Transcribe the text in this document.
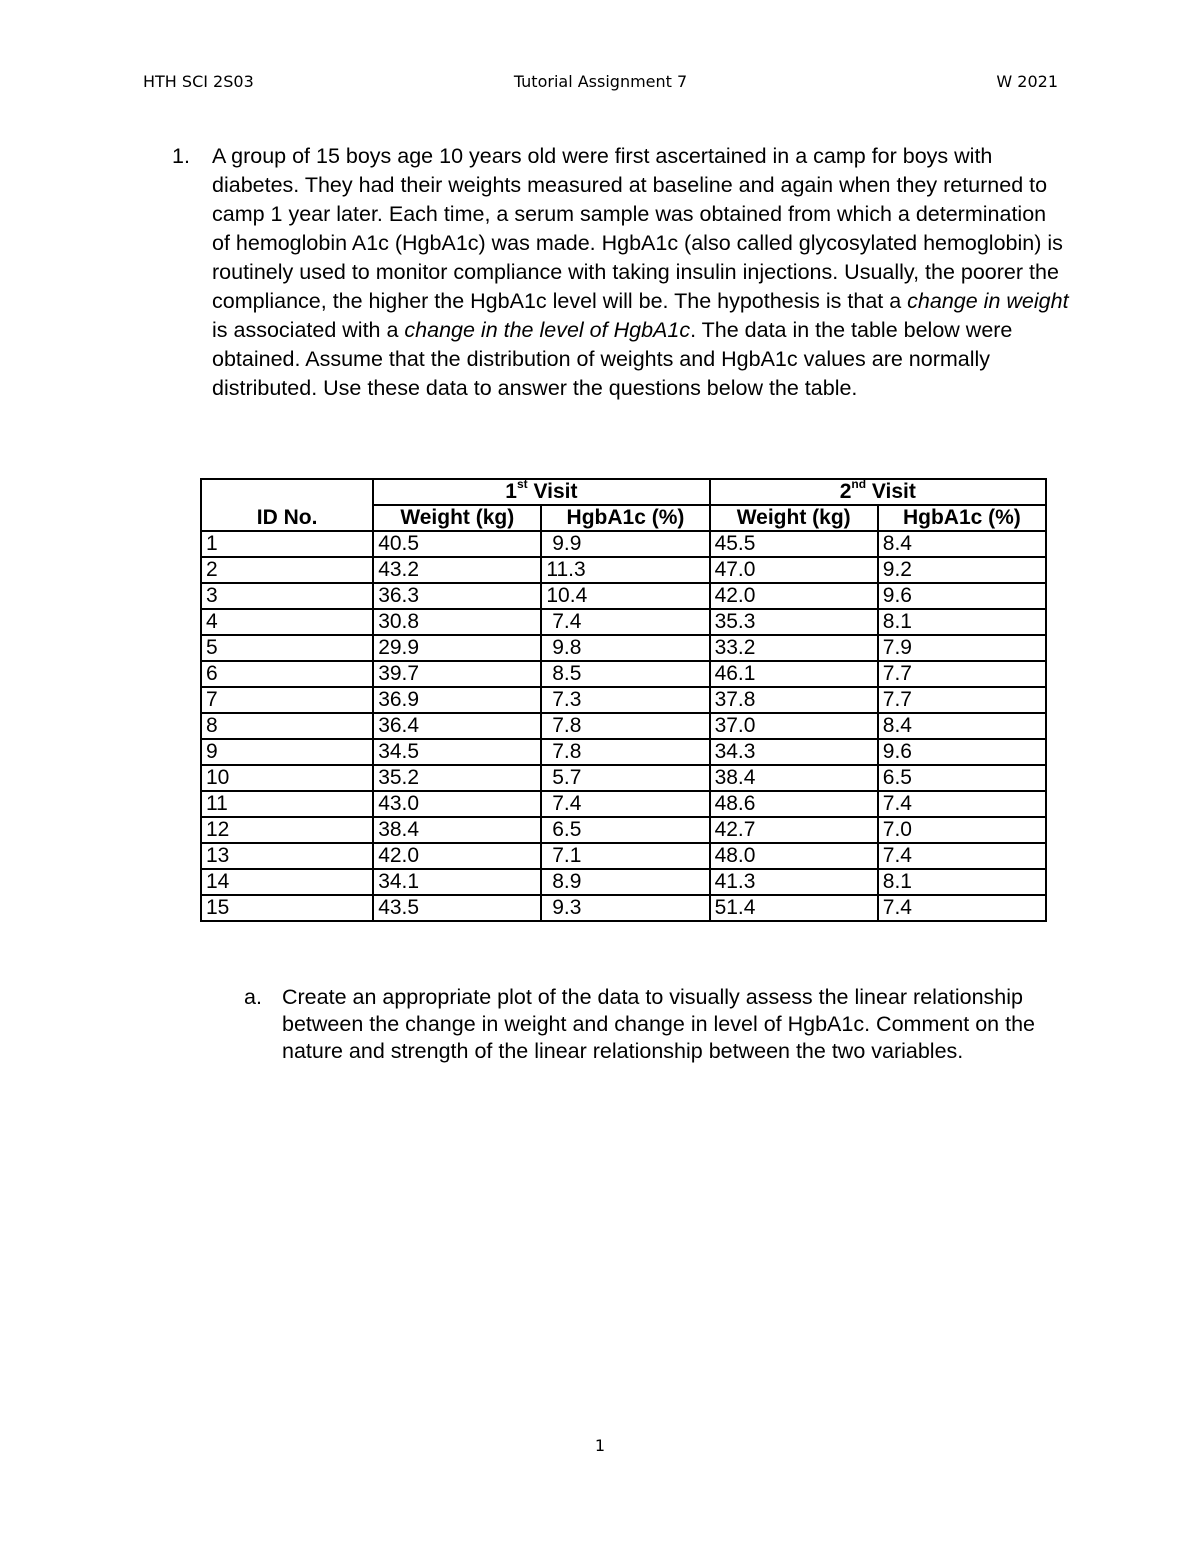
HTH SCI 2S03	Tutorial Assignment 7	W 2021
1. A group of 15 boys age 10 years old were first ascertained in a camp for boys with diabetes. They had their weights measured at baseline and again when they returned to camp 1 year later. Each time, a serum sample was obtained from which a determination of hemoglobin A1c (HgbA1c) was made. HgbA1c (also called glycosylated hemoglobin) is routinely used to monitor compliance with taking insulin injections. Usually, the poorer the compliance, the higher the HgbA1c level will be. The hypothesis is that a change in weight is associated with a change in the level of HgbA1c. The data in the table below were obtained. Assume that the distribution of weights and HgbA1c values are normally distributed. Use these data to answer the questions below the table.
ID No.	1st Visit		2nd Visit	
	Weight (kg)	HgbA1c (%)	Weight (kg)	HgbA1c (%)
1	40.5	9.9	45.5	8.4
2	43.2	11.3	47.0	9.2
3	36.3	10.4	42.0	9.6
4	30.8	7.4	35.3	8.1
5	29.9	9.8	33.2	7.9
6	39.7	8.5	46.1	7.7
7	36.9	7.3	37.8	7.7
8	36.4	7.8	37.0	8.4
9	34.5	7.8	34.3	9.6
10	35.2	5.7	38.4	6.5
11	43.0	7.4	48.6	7.4
12	38.4	6.5	42.7	7.0
13	42.0	7.1	48.0	7.4
14	34.1	8.9	41.3	8.1
15	43.5	9.3	51.4	7.4
a. Create an appropriate plot of the data to visually assess the linear relationship between the change in weight and change in level of HgbA1c. Comment on the nature and strength of the linear relationship between the two variables.
1
